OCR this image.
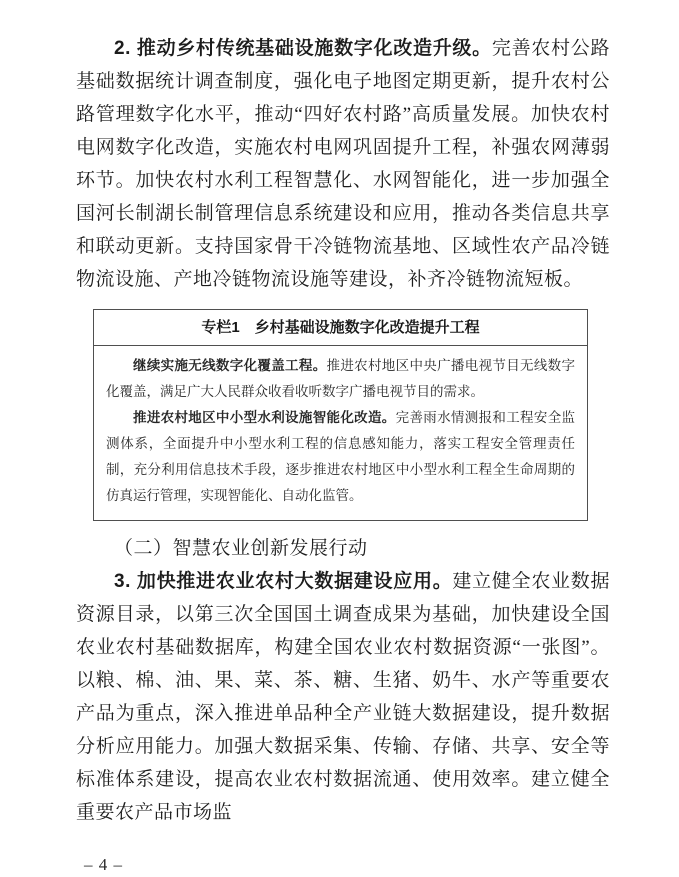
2. 推动乡村传统基础设施数字化改造升级。完善农村公路基础数据统计调查制度，强化电子地图定期更新，提升农村公路管理数字化水平，推动“四好农村路”高质量发展。加快农村电网数字化改造，实施农村电网巩固提升工程，补强农网薄弱环节。加快农村水利工程智慧化、水网智能化，进一步加强全国河长制湖长制管理信息系统建设和应用，推动各类信息共享和联动更新。支持国家骨干冷链物流基地、区域性农产品冷链物流设施、产地冷链物流设施等建设，补齐冷链物流短板。

专栏1　乡村基础设施数字化改造提升工程

继续实施无线数字化覆盖工程。推进农村地区中央广播电视节目无线数字化覆盖，满足广大人民群众收看收听数字广播电视节目的需求。

推进农村地区中小型水利设施智能化改造。完善雨水情测报和工程安全监测体系，全面提升中小型水利工程的信息感知能力，落实工程安全管理责任制，充分利用信息技术手段，逐步推进农村地区中小型水利工程全生命周期的仿真运行管理，实现智能化、自动化监管。

（二）智慧农业创新发展行动

3. 加快推进农业农村大数据建设应用。建立健全农业数据资源目录，以第三次全国国土调查成果为基础，加快建设全国农业农村基础数据库，构建全国农业农村数据资源“一张图”。以粮、棉、油、果、菜、茶、糖、生猪、奶牛、水产等重要农产品为重点，深入推进单品种全产业链大数据建设，提升数据分析应用能力。加强大数据采集、传输、存储、共享、安全等标准体系建设，提高农业农村数据流通、使用效率。建立健全重要农产品市场监

– 4 –
